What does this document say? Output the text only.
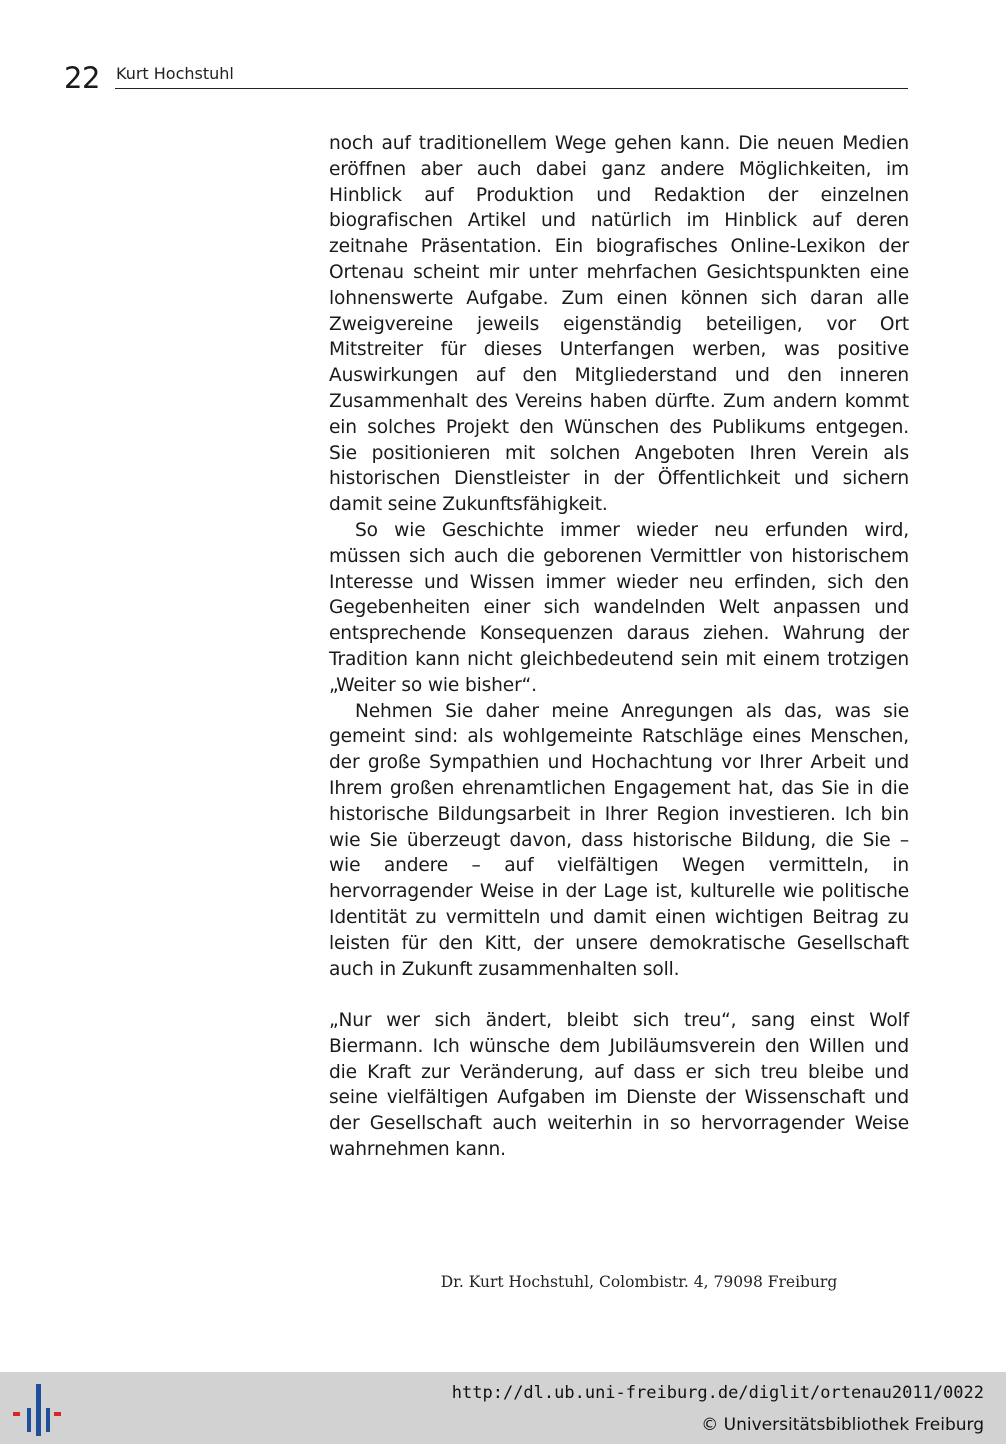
22 Kurt Hochstuhl

noch auf traditionellem Wege gehen kann. Die neuen Medien eröffnen aber auch dabei ganz andere Möglichkeiten, im Hinblick auf Produktion und Redaktion der einzelnen biografischen Artikel und natürlich im Hinblick auf deren zeitnahe Präsentation. Ein biografisches Online-Lexikon der Ortenau scheint mir unter mehrfachen Gesichtspunkten eine lohnenswerte Aufgabe. Zum einen können sich daran alle Zweigvereine jeweils eigenständig beteiligen, vor Ort Mitstreiter für dieses Unterfangen werben, was positive Auswirkungen auf den Mitgliederstand und den inneren Zusammenhalt des Vereins haben dürfte. Zum andern kommt ein solches Projekt den Wünschen des Publikums entgegen. Sie positionieren mit solchen Angeboten Ihren Verein als historischen Dienstleister in der Öffentlichkeit und sichern damit seine Zukunftsfähigkeit.

So wie Geschichte immer wieder neu erfunden wird, müssen sich auch die geborenen Vermittler von historischem Interesse und Wissen immer wieder neu erfinden, sich den Gegebenheiten einer sich wandelnden Welt anpassen und entsprechende Konsequenzen daraus ziehen. Wahrung der Tradition kann nicht gleichbedeutend sein mit einem trotzigen „Weiter so wie bisher“.

Nehmen Sie daher meine Anregungen als das, was sie gemeint sind: als wohlgemeinte Ratschläge eines Menschen, der große Sympathien und Hochachtung vor Ihrer Arbeit und Ihrem großen ehrenamtlichen Engagement hat, das Sie in die historische Bildungsarbeit in Ihrer Region investieren. Ich bin wie Sie überzeugt davon, dass historische Bildung, die Sie – wie andere – auf vielfältigen Wegen vermitteln, in hervorragender Weise in der Lage ist, kulturelle wie politische Identität zu vermitteln und damit einen wichtigen Beitrag zu leisten für den Kitt, der unsere demokratische Gesellschaft auch in Zukunft zusammenhalten soll.

„Nur wer sich ändert, bleibt sich treu“, sang einst Wolf Biermann. Ich wünsche dem Jubiläumsverein den Willen und die Kraft zur Veränderung, auf dass er sich treu bleibe und seine vielfältigen Aufgaben im Dienste der Wissenschaft und der Gesellschaft auch weiterhin in so hervorragender Weise wahrnehmen kann.

Dr. Kurt Hochstuhl, Colombistr. 4, 79098 Freiburg
http://dl.ub.uni-freiburg.de/diglit/ortenau2011/0022
© Universitätsbibliothek Freiburg
